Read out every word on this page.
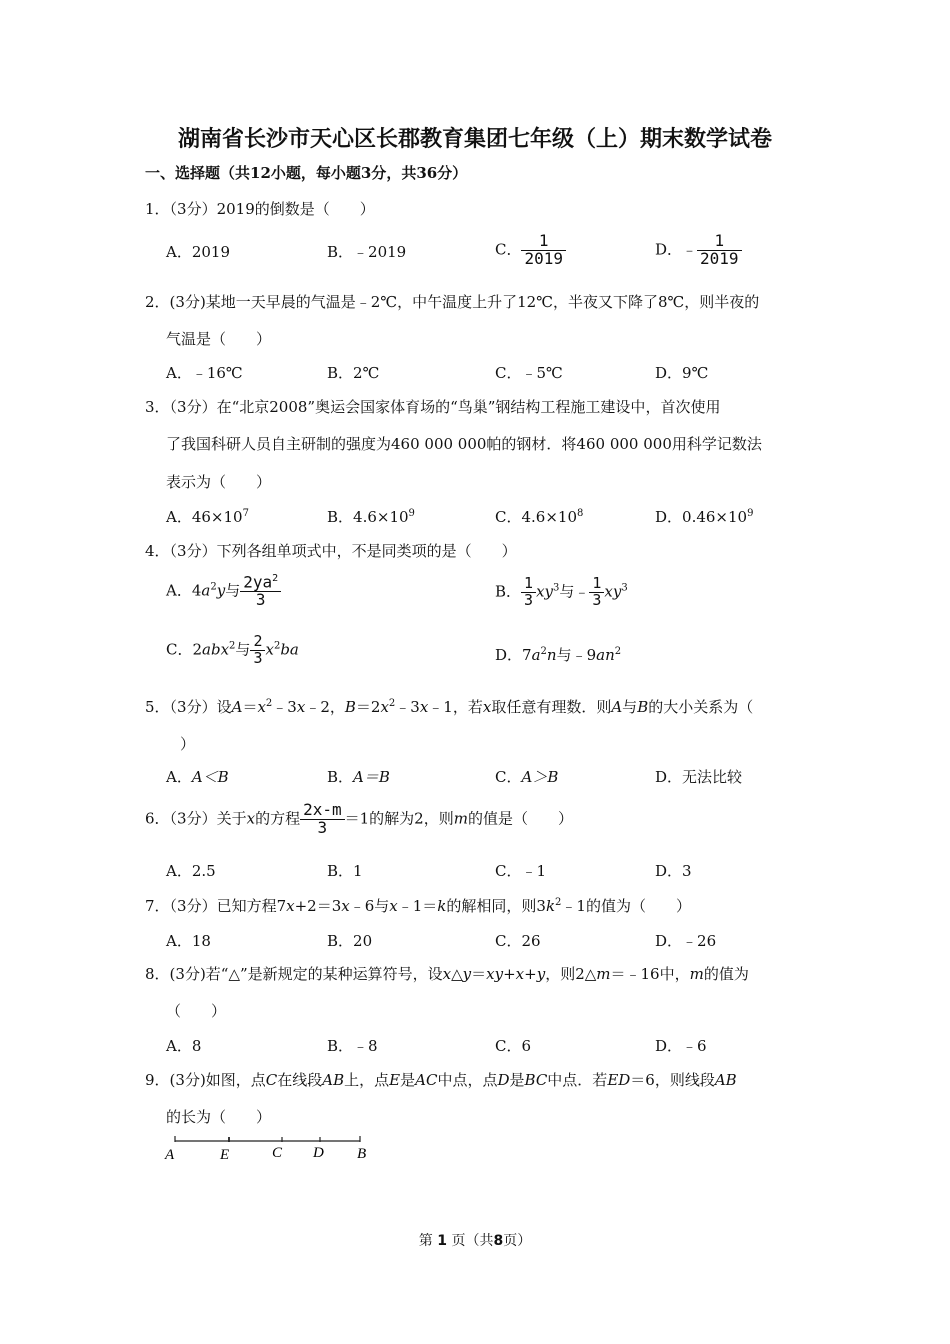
湖南省长沙市天心区长郡教育集团七年级（上）期末数学试卷
一、选择题（共12小题，每小题3分，共36分）
1．（3分）2019的倒数是（　　）
A．2019	B．﹣2019	C． $\frac{1}{2019}$	D．﹣ $\frac{1}{2019}$
2．(3分)某地一天早晨的气温是﹣2℃，中午温度上升了12℃，半夜又下降了8℃，则半夜的
气温是（　　）
A．﹣16℃	B．2℃	C．﹣5℃	D．9℃
3．（3分）在“北京2008”奥运会国家体育场的“鸟巢”钢结构工程施工建设中，首次使用
了我国科研人员自主研制的强度为460 000 000帕的钢材．将460 000 000用科学记数法
表示为（　　）
A．$46\times 10^7$	B．$4.6\times 10^9$	C．$4.6\times 10^8$	D．$0.46\times 10^9$
4．（3分）下列各组单项式中，不是同类项的是（　　）
A．$4a^2y$与 $\frac{2ya^2}{3}$	B． $\frac{1}{3} xy^3$与﹣ $\frac{1}{3} xy^3$
C．2abx$^2$与 $\frac{2}{3} x^2ba$	D．$7a^2n$与$﹣9an^2$
5．（3分）设$A=x^2﹣3x﹣2$，$B=2x^2﹣3x﹣1$，若x取任意有理数．则A与B的大小关系为（
）
A．A＜B	B．A＝B	C．A＞B	D．无法比较
6．（3分）关于x的方程 $\frac{2x-m}{3} =1$的解为2，则m的值是（　　）
A．2.5	B．1	C．﹣1	D．3
7．（3分）已知方程7x+2＝3x﹣6与x﹣1＝k的解相同，则$3k^2﹣1$的值为（　　）
A．18	B．20	C．26	D．﹣26
8．(3分)若“△”是新规定的某种运算符号，设x△y＝xy+x+y，则2△m＝﹣16中，m的值为
（　　）
A．8	B．﹣8	C．6	D．﹣6
9．(3分)如图，点C在线段AB上，点E是AC中点，点D是BC中点．若ED＝6，则线段AB
的长为（　　）
A	E	C D B
第 1 页（共8页）
